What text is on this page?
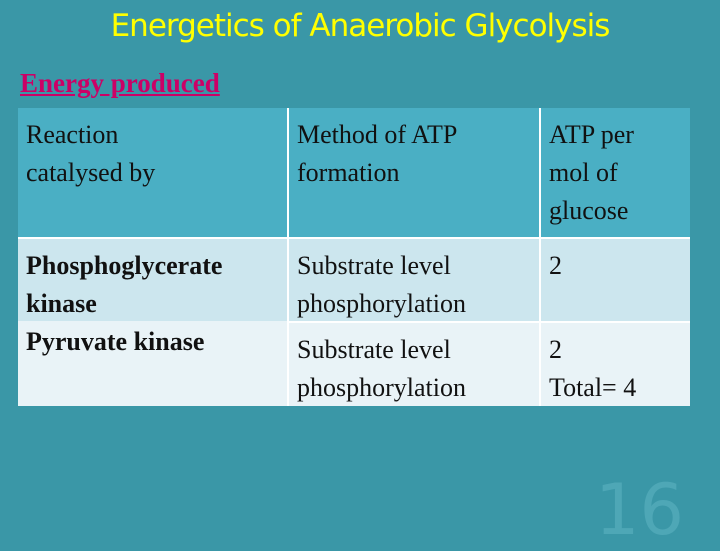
Energetics of Anaerobic Glycolysis
Energy produced
Reaction
catalysed by
Method of ATP
formation
ATP per
mol of
glucose
Phosphoglycerate
kinase
Pyruvate kinase
Substrate level
phosphorylation
2
Substrate level
phosphorylation
2
Total= 4
16
